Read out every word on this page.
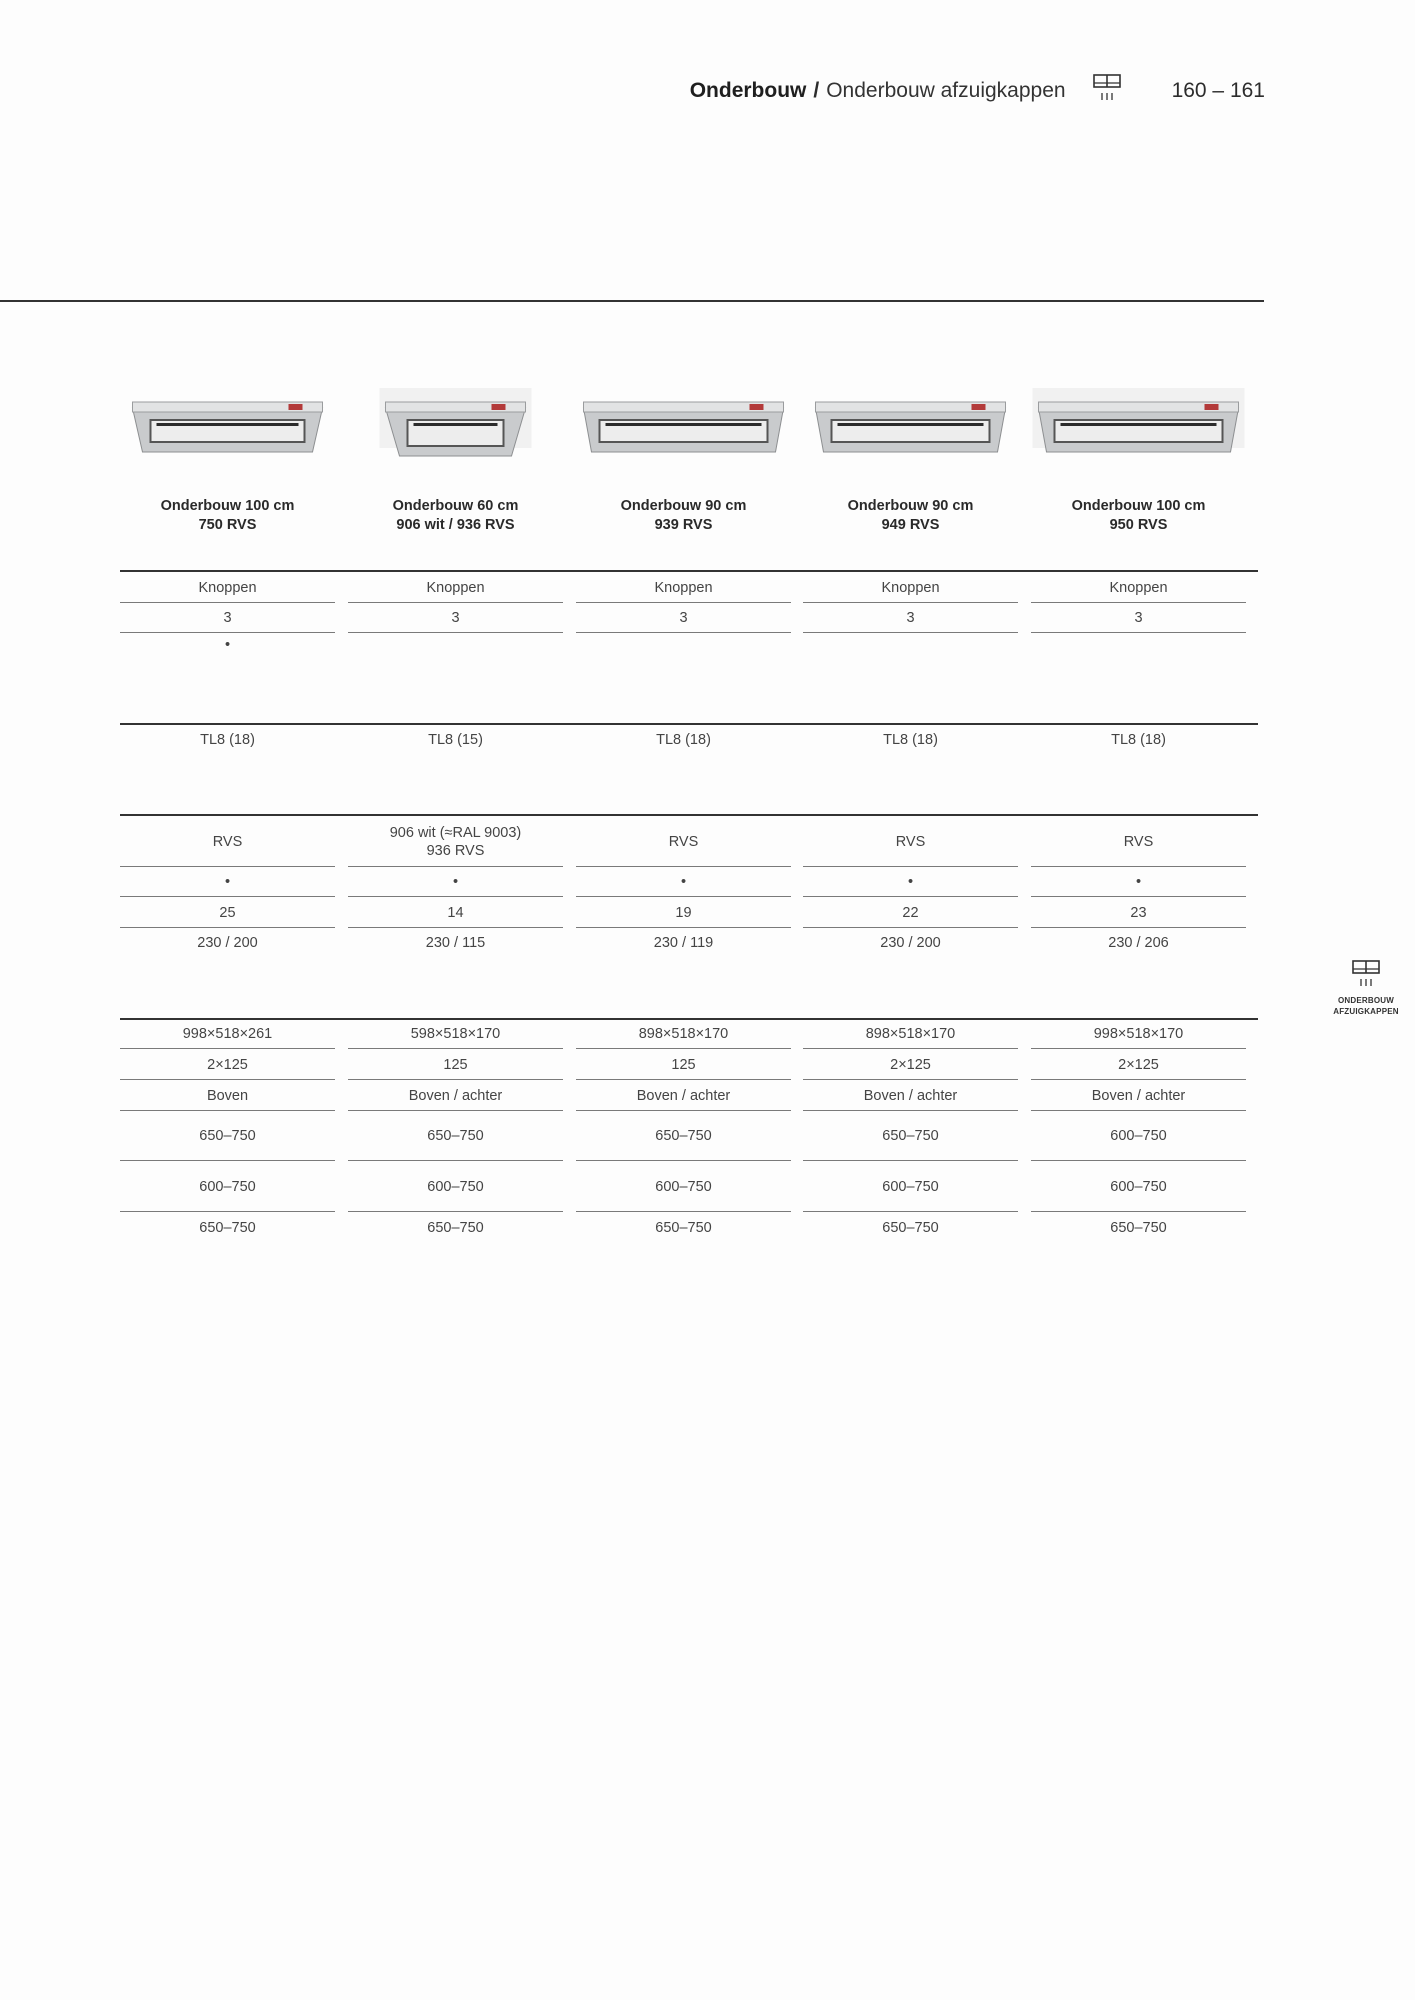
Onderbouw / Onderbouw afzuigkappen	160 – 161
Onderbouw 100 cm
750 RVS
Knoppen
3
•
TL8 (18)
RVS
•
25
230 / 200
998×518×261
2×125
Boven
650–750
600–750
650–750
Onderbouw 60 cm
906 wit / 936 RVS
Knoppen
3
TL8 (15)
906 wit (≈RAL 9003)
936 RVS
•
14
230 / 115
598×518×170
125
Boven / achter
650–750
600–750
650–750
Onderbouw 90 cm
939 RVS
Knoppen
3
TL8 (18)
RVS
•
19
230 / 119
898×518×170
125
Boven / achter
650–750
600–750
650–750
Onderbouw 90 cm
949 RVS
Knoppen
3
TL8 (18)
RVS
•
22
230 / 200
898×518×170
2×125
Boven / achter
650–750
600–750
650–750
Onderbouw 100 cm
950 RVS
Knoppen
3
TL8 (18)
RVS
•
23
230 / 206
998×518×170
2×125
Boven / achter
600–750
600–750
650–750
ONDERBOUW
AFZUIGKAPPEN
